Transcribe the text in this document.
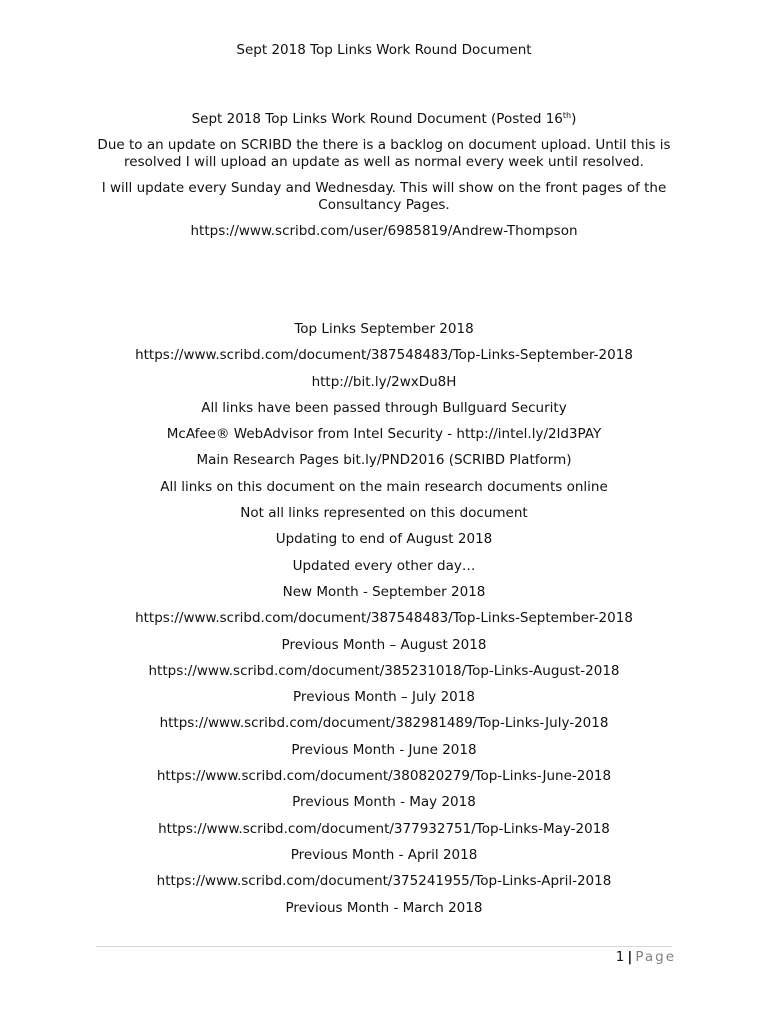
Sept 2018 Top Links Work Round Document

Sept 2018 Top Links Work Round Document (Posted 16th)

Due to an update on SCRIBD the there is a backlog on document upload. Until this is resolved I will upload an update as well as normal every week until resolved.

I will update every Sunday and Wednesday. This will show on the front pages of the Consultancy Pages.

https://www.scribd.com/user/6985819/Andrew-Thompson

Top Links September 2018
https://www.scribd.com/document/387548483/Top-Links-September-2018
http://bit.ly/2wxDu8H
All links have been passed through Bullguard Security
McAfee® WebAdvisor from Intel Security - http://intel.ly/2ld3PAY
Main Research Pages bit.ly/PND2016 (SCRIBD Platform)
All links on this document on the main research documents online
Not all links represented on this document
Updating to end of August 2018
Updated every other day…
New Month - September 2018
https://www.scribd.com/document/387548483/Top-Links-September-2018
Previous Month – August 2018
https://www.scribd.com/document/385231018/Top-Links-August-2018
Previous Month – July 2018
https://www.scribd.com/document/382981489/Top-Links-July-2018
Previous Month - June 2018
https://www.scribd.com/document/380820279/Top-Links-June-2018
Previous Month - May 2018
https://www.scribd.com/document/377932751/Top-Links-May-2018
Previous Month - April 2018
https://www.scribd.com/document/375241955/Top-Links-April-2018
Previous Month - March 2018
1 | Page
